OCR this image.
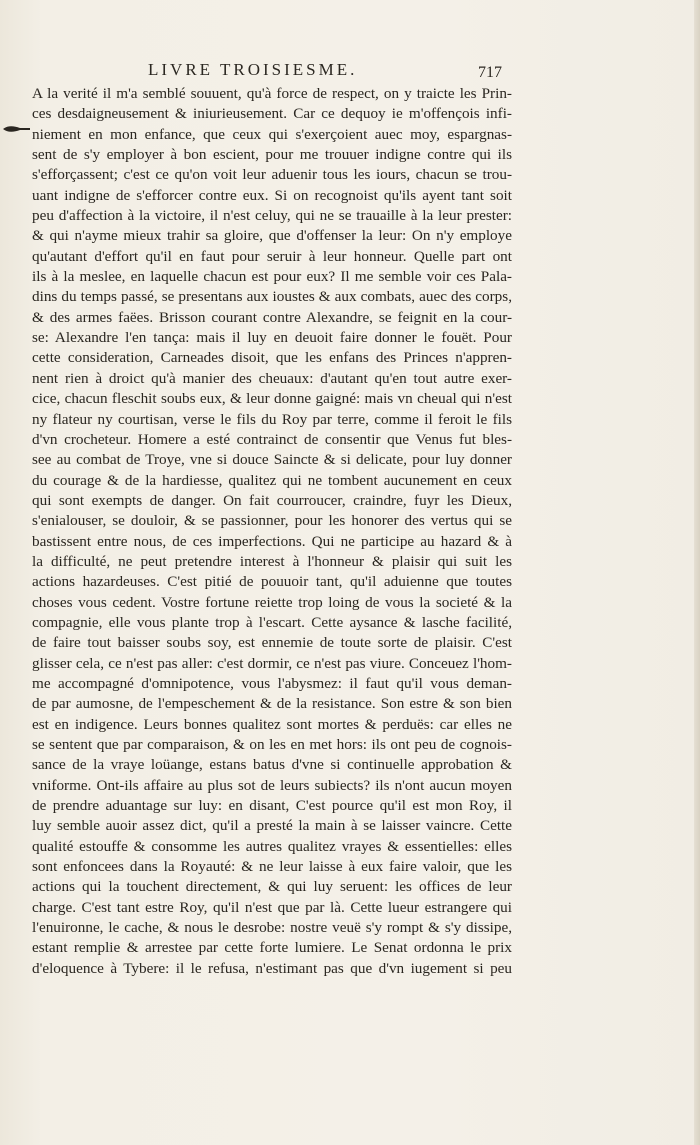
LIVRE TROISIESME.	717
A la verité il m'a semblé souuent, qu'à force de respect, on y traicte les Prin-
ces desdaigneusement & iniurieusement. Car ce dequoy ie m'offençois infi-
niement en mon enfance, que ceux qui s'exerçoient auec moy, espargnas-
sent de s'y employer à bon escient, pour me trouuer indigne contre qui ils
s'efforçassent; c'est ce qu'on voit leur aduenir tous les iours, chacun se trou-
uant indigne de s'efforcer contre eux. Si on recognoist qu'ils ayent tant soit
peu d'affection à la victoire, il n'est celuy, qui ne se trauaille à la leur prester:
& qui n'ayme mieux trahir sa gloire, que d'offenser la leur: On n'y employe
qu'autant d'effort qu'il en faut pour seruir à leur honneur. Quelle part ont
ils à la meslee, en laquelle chacun est pour eux? Il me semble voir ces Pala-
dins du temps passé, se presentans aux ioustes & aux combats, auec des corps,
& des armes faëes. Brisson courant contre Alexandre, se feignit en la cour-
se: Alexandre l'en tança: mais il luy en deuoit faire donner le fouët. Pour
cette consideration, Carneades disoit, que les enfans des Princes n'appren-
nent rien à droict qu'à manier des cheuaux: d'autant qu'en tout autre exer-
cice, chacun fleschit soubs eux, & leur donne gaigné: mais vn cheual qui n'est
ny flateur ny courtisan, verse le fils du Roy par terre, comme il feroit le fils
d'vn crocheteur. Homere a esté contrainct de consentir que Venus fut bles-
see au combat de Troye, vne si douce Saincte & si delicate, pour luy donner
du courage & de la hardiesse, qualitez qui ne tombent aucunement en ceux
qui sont exempts de danger. On fait courroucer, craindre, fuyr les Dieux,
s'enialouser, se douloir, & se passionner, pour les honorer des vertus qui se
bastissent entre nous, de ces imperfections. Qui ne participe au hazard & à
la difficulté, ne peut pretendre interest à l'honneur & plaisir qui suit les
actions hazardeuses. C'est pitié de pouuoir tant, qu'il aduienne que toutes
choses vous cedent. Vostre fortune reiette trop loing de vous la societé & la
compagnie, elle vous plante trop à l'escart. Cette aysance & lasche facilité,
de faire tout baisser soubs soy, est ennemie de toute sorte de plaisir. C'est
glisser cela, ce n'est pas aller: c'est dormir, ce n'est pas viure. Conceuez l'hom-
me accompagné d'omnipotence, vous l'abysmez: il faut qu'il vous deman-
de par aumosne, de l'empeschement & de la resistance. Son estre & son bien
est en indigence. Leurs bonnes qualitez sont mortes & perduës: car elles ne
se sentent que par comparaison, & on les en met hors: ils ont peu de cognois-
sance de la vraye loüange, estans batus d'vne si continuelle approbation &
vniforme. Ont-ils affaire au plus sot de leurs subiects? ils n'ont aucun moyen
de prendre aduantage sur luy: en disant, C'est pource qu'il est mon Roy, il
luy semble auoir assez dict, qu'il a presté la main à se laisser vaincre. Cette
qualité estouffe & consomme les autres qualitez vrayes & essentielles: elles
sont enfoncees dans la Royauté: & ne leur laisse à eux faire valoir, que les
actions qui la touchent directement, & qui luy seruent: les offices de leur
charge. C'est tant estre Roy, qu'il n'est que par là. Cette lueur estrangere qui
l'enuironne, le cache, & nous le desrobe: nostre veuë s'y rompt & s'y dissipe,
estant remplie & arrestee par cette forte lumiere. Le Senat ordonna le prix
d'eloquence à Tybere: il le refusa, n'estimant pas que d'vn iugement si peu
